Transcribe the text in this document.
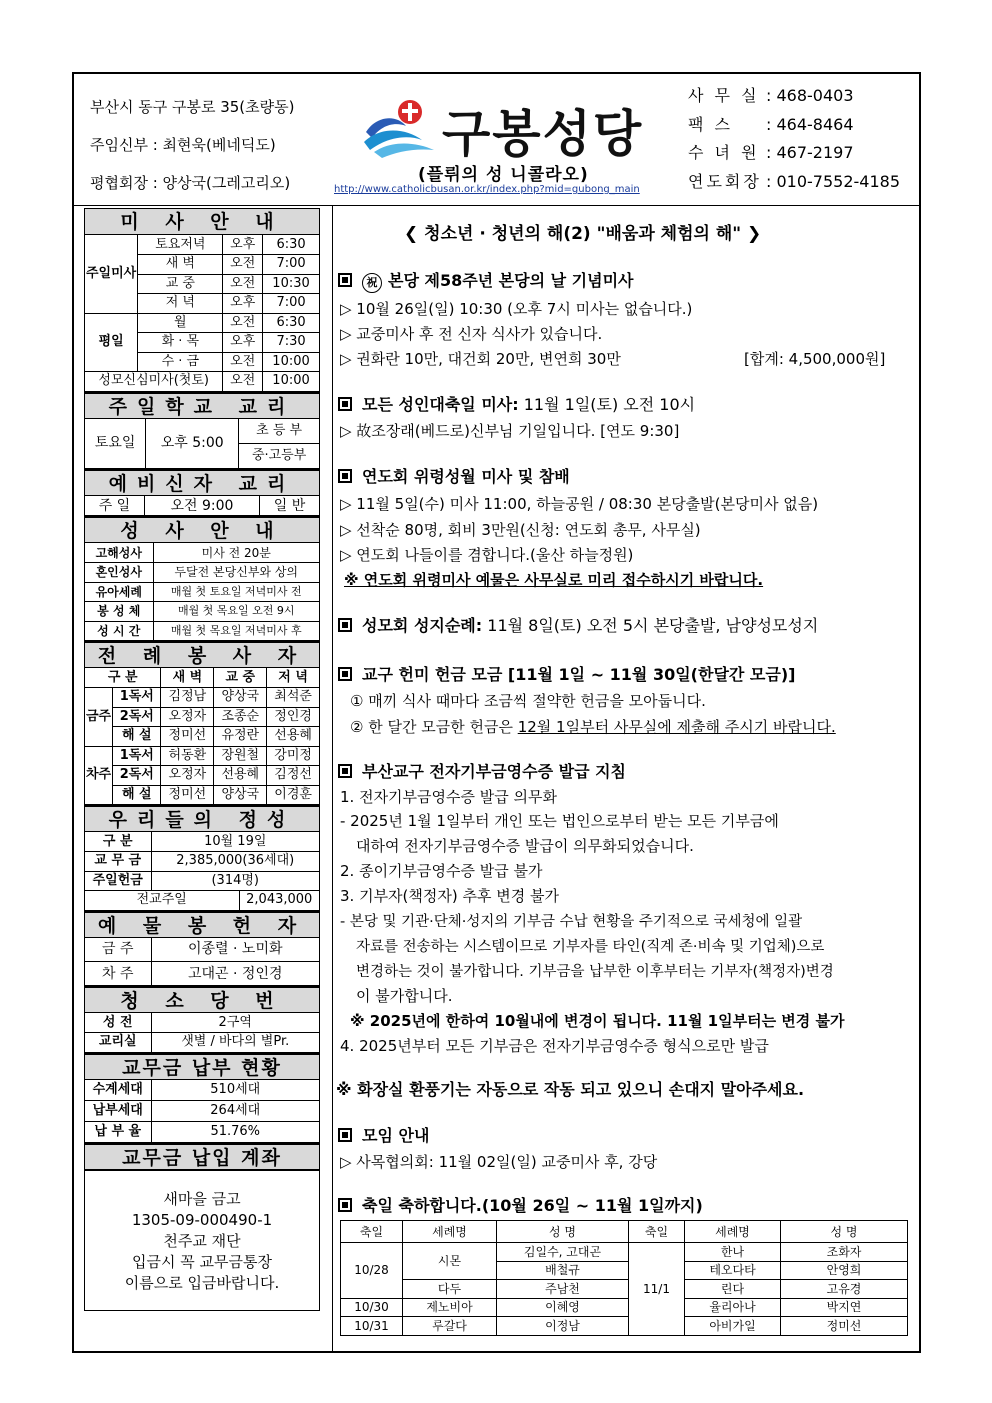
부산시 동구 구봉로 35(초량동)
주임신부 : 최현욱(베네딕도)
평협회장 : 양상국(그레고리오)
구봉성당
(플뤼의 성 니콜라오)
http://www.catholicbusan.or.kr/index.php?mid=gubong_main
사 무 실 : 468-0403
팩 스	: 464-8464
수 녀 원 : 467-2197
연도회장 : 010-7552-4185
미 사 안 내
주일미사	토요저녁	오후	6:30
	새 벽	오전	7:00
	교 중	오전	10:30
	저 녁	오후	7:00
평일	월	오전	6:30
	화 · 목	오후	7:30
	수 · 금	오전	10:00
성모신심미사(첫토)		오전	10:00
주일학교 교리
토요일	오후 5:00	초 등 부
중·고등부
예비신자 교리
주 일	오전 9:00	일 반
성 사 안 내
고해성사	미사 전 20분
혼인성사	두달전 본당신부와 상의
유아세례	매월 첫 토요일 저녁미사 전
봉 성 체	매월 첫 목요일 오전 9시
성 시 간	매월 첫 목요일 저녁미사 후
전 례 봉 사 자
구 분		새 벽	교 중	저 녁
금주	1독서	김정남	양상국	최석준
	2독서	오정자	조종순	정인경
	해 설	정미선	유정란	선용혜
차주	1독서	허동환	장원철	강미정
	2독서	오정자	선용혜	김정선
	해 설	정미선	양상국	이경훈
우리들의 정성
구 분	10월 19일	
교 무 금	2,385,000(36세대)	
주일헌금	(314명)	
전교주일		2,043,000
예 물 봉 헌 자
금 주	이종렬 · 노미화
차 주	고대곤 · 정인경
청 소 당 번
성 전	2구역
교리실	샛별 / 바다의 별Pr.
교무금 납부 현황
수계세대	510세대
납부세대	264세대
납 부 율	51.76%
교무금 납입 계좌
새마을 금고
1305-09-000490-1
천주교 재단
입금시 꼭 교무금통장
이름으로 입금바랍니다.
❮ 청소년 · 청년의 해(2) "배움과 체험의 해" ❯
祝 본당 제58주년 본당의 날 기념미사
▷ 10월 26일(일) 10:30 (오후 7시 미사는 없습니다.)
▷ 교중미사 후 전 신자 식사가 있습니다.
▷ 권화란 10만, 대건회 20만, 변연희 30만	[합계: 4,500,000원]
모든 성인대축일 미사: 11월 1일(토) 오전 10시
▷ 故조장래(베드로)신부님 기일입니다. [연도 9:30]
연도회 위령성월 미사 및 참배
▷ 11월 5일(수) 미사 11:00, 하늘공원 / 08:30 본당출발(본당미사 없음)
▷ 선착순 80명, 회비 3만원(신청: 연도회 총무, 사무실)
▷ 연도회 나들이를 겸합니다.(울산 하늘정원)
※ 연도회 위령미사 예물은 사무실로 미리 접수하시기 바랍니다.
성모회 성지순례: 11월 8일(토) 오전 5시 본당출발, 남양성모성지
교구 헌미 헌금 모금 [11월 1일 ~ 11월 30일(한달간 모금)]
① 매끼 식사 때마다 조금씩 절약한 헌금을 모아둡니다.
② 한 달간 모금한 헌금은 12월 1일부터 사무실에 제출해 주시기 바랍니다.
부산교구 전자기부금영수증 발급 지침
1. 전자기부금영수증 발급 의무화
- 2025년 1월 1일부터 개인 또는 법인으로부터 받는 모든 기부금에
대하여 전자기부금영수증 발급이 의무화되었습니다.
2. 종이기부금영수증 발급 불가
3. 기부자(책정자) 추후 변경 불가
- 본당 및 기관·단체·성지의 기부금 수납 현황을 주기적으로 국세청에 일괄
자료를 전송하는 시스템이므로 기부자를 타인(직계 존·비속 및 기업체)으로
변경하는 것이 불가합니다. 기부금을 납부한 이후부터는 기부자(책정자)변경
이 불가합니다.
※ 2025년에 한하여 10월내에 변경이 됩니다. 11월 1일부터는 변경 불가
4. 2025년부터 모든 기부금은 전자기부금영수증 형식으로만 발급
※ 화장실 환풍기는 자동으로 작동 되고 있으니 손대지 말아주세요.
모임 안내
▷ 사목협의회: 11월 02일(일) 교중미사 후, 강당
축일 축하합니다.(10월 26일 ~ 11월 1일까지)
축일	세례명	성 명	축일	세례명	성 명
10/28	시몬	김일수, 고대곤	11/1	한나	조화자
		배철규		테오다타	안영희
	다두	주남천		린다	고유경
10/30	제노비아	이혜영		율리아나	박지연
10/31	루갈다	이정남		아비가일	정미선
